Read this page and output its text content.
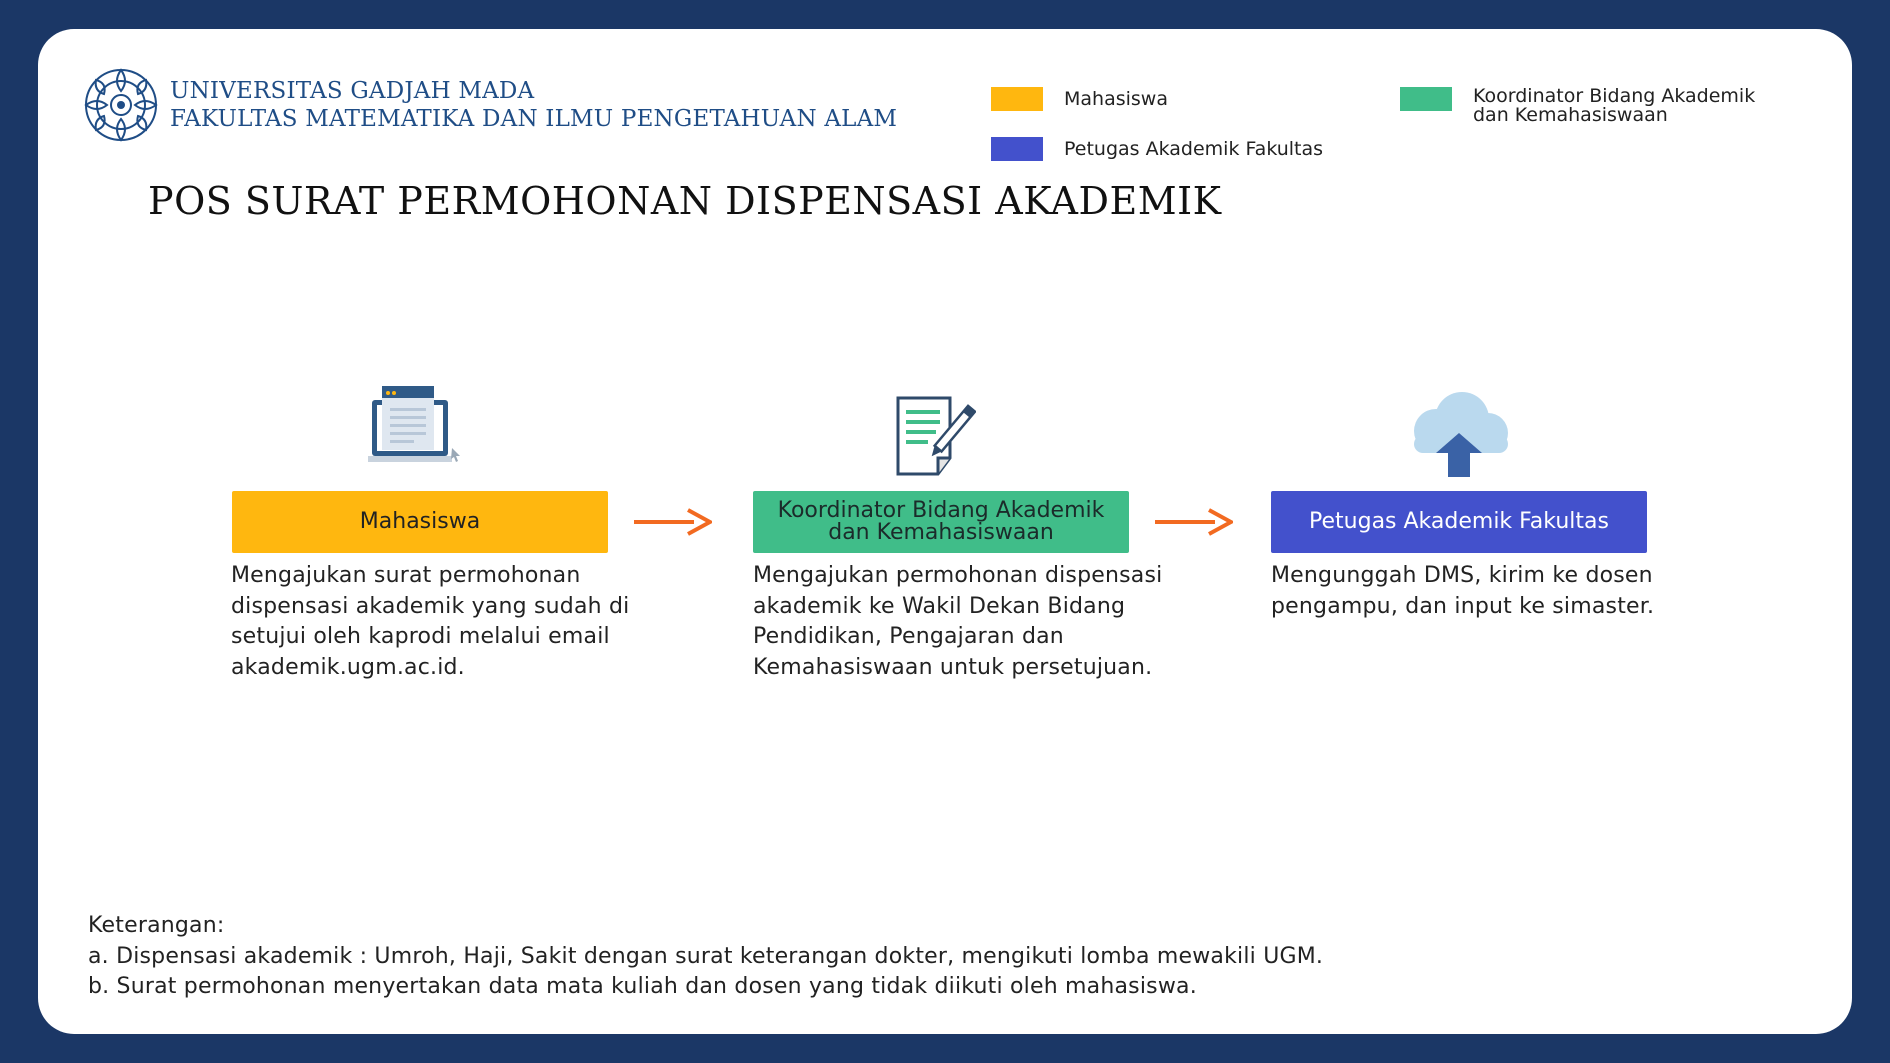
UNIVERSITAS GADJAH MADA
FAKULTAS MATEMATIKA DAN ILMU PENGETAHUAN ALAM
Mahasiswa
Petugas Akademik Fakultas
Koordinator Bidang Akademik
dan Kemahasiswaan
POS SURAT PERMOHONAN DISPENSASI AKADEMIK
Mahasiswa	Koordinator Bidang Akademik
dan Kemahasiswaan	Petugas Akademik Fakultas
Mengajukan surat permohonan dispensasi akademik yang sudah di setujui oleh kaprodi melalui email akademik.ugm.ac.id.
Mengajukan permohonan dispensasi akademik ke Wakil Dekan Bidang Pendidikan, Pengajaran dan Kemahasiswaan untuk persetujuan.
Mengunggah DMS, kirim ke dosen pengampu, dan input ke simaster.
Keterangan:
a. Dispensasi akademik : Umroh, Haji, Sakit dengan surat keterangan dokter, mengikuti lomba mewakili UGM.
b. Surat permohonan menyertakan data mata kuliah dan dosen yang tidak diikuti oleh mahasiswa.
